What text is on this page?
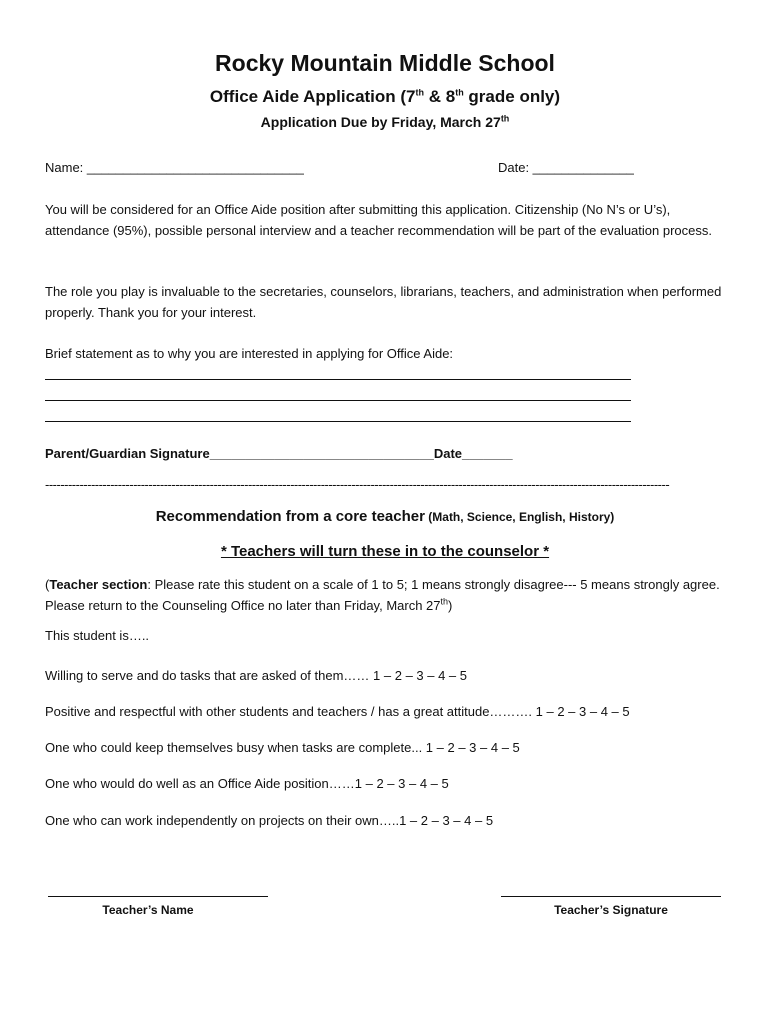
Rocky Mountain Middle School
Office Aide Application (7th & 8th grade only)
Application Due by Friday, March 27th
Name: ______________________________	Date: ______________
You will be considered for an Office Aide position after submitting this application. Citizenship (No N’s or U’s), attendance (95%), possible personal interview and a teacher recommendation will be part of the evaluation process.
The role you play is invaluable to the secretaries, counselors, librarians, teachers, and administration when performed properly. Thank you for your interest.
Brief statement as to why you are interested in applying for Office Aide:
Parent/Guardian Signature_______________________________Date_______
-------------------------------------------------------------------------------------------------------------------------------------------------------------------
Recommendation from a core teacher (Math, Science, English, History)
* Teachers will turn these in to the counselor *
(Teacher section: Please rate this student on a scale of 1 to 5; 1 means strongly disagree--- 5 means strongly agree. Please return to the Counseling Office no later than Friday, March 27th)
This student is…..
Willing to serve and do tasks that are asked of them…… 1 – 2 – 3 – 4 – 5
Positive and respectful with other students and teachers / has a great attitude………. 1 – 2 – 3 – 4 – 5
One who could keep themselves busy when tasks are complete... 1 – 2 – 3 – 4 – 5
One who would do well as an Office Aide position……1 – 2 – 3 – 4 – 5
One who can work independently on projects on their own…..1 – 2 – 3 – 4 – 5
Teacher’s Name	Teacher’s Signature
